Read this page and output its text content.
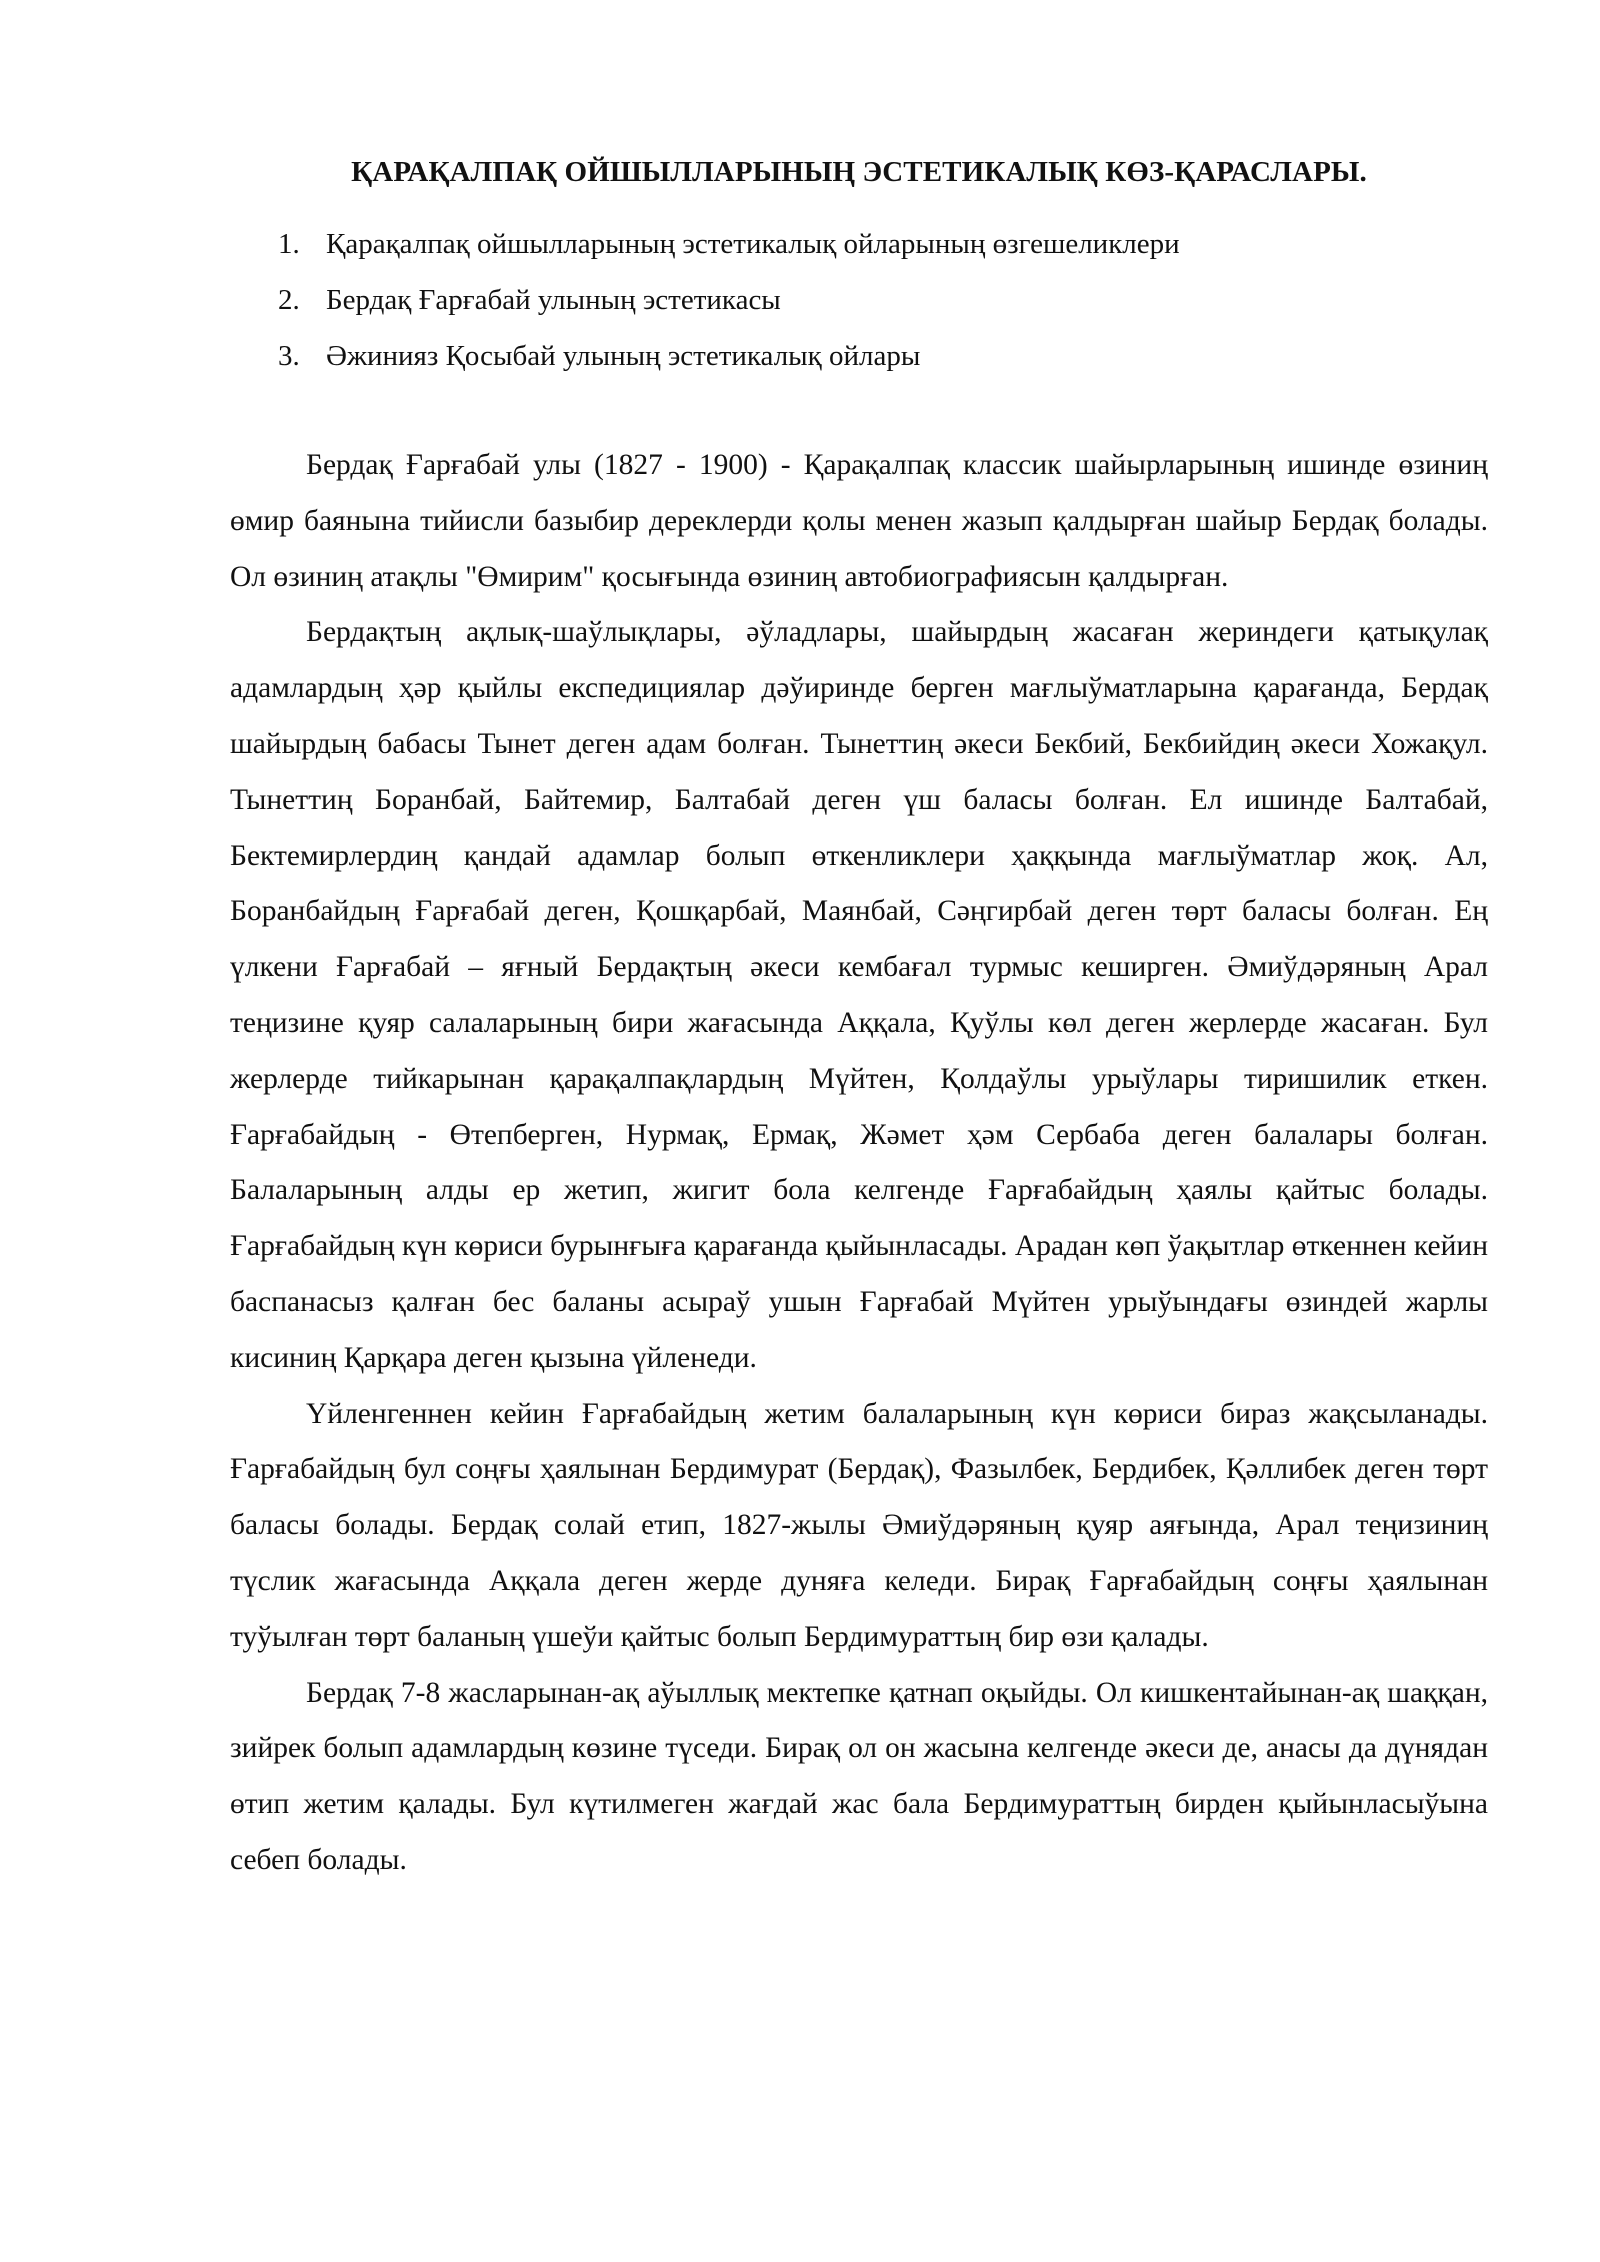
ҚАРАҚАЛПАҚ ОЙШЫЛЛАРЫНЫҢ ЭСТЕТИКАЛЫҚ КӨЗ-ҚАРАСЛАРЫ.
1. Қарақалпақ ойшылларының эстетикалық ойларының өзгешеликлери
2. Бердақ Ғарғабай улының эстетикасы
3. Әжинияз Қосыбай улының эстетикалық ойлары

Бердақ Ғарғабай улы (1827 - 1900) - Қарақалпақ классик шайырларының ишинде өзиниң өмир баянына тийисли базыбир дереклерди қолы менен жазып қалдырған шайыр Бердақ болады. Ол өзиниң атақлы "Өмирим" қосығында өзиниң автобиографиясын қалдырған.

Бердақтың ақлық-шаўлықлары, әўладлары, шайырдың жасаған жериндеги қатықулақ адамлардың ҳәр қыйлы експедициялар дәўиринде берген мағлыўматларына қарағанда, Бердақ шайырдың бабасы Тынет деген адам болған. Тынеттиң әкеси Бекбий, Бекбийдиң әкеси Хожақул. Тынеттиң Боранбай, Байтемир, Балтабай деген үш баласы болған. Ел ишинде Балтабай, Бектемирлердиң қандай адамлар болып өткенликлери ҳаққында мағлыўматлар жоқ. Ал, Боранбайдың Ғарғабай деген, Қошқарбай, Маянбай, Сәңгирбай деген төрт баласы болған. Ең үлкени Ғарғабай – яғный Бердақтың әкеси кембағал турмыс кеширген. Әмиўдәряның Арал теңизине қуяр салаларының бири жағасында Аққала, Қуўлы көл деген жерлерде жасаған. Бул жерлерде тийкарынан қарақалпақлардың Мүйтен, Қолдаўлы урыўлары тиришилик еткен. Ғарғабайдың - Өтепберген, Нурмақ, Ермақ, Жәмет ҳәм Сербаба деген балалары болған. Балаларының алды ер жетип, жигит бола келгенде Ғарғабайдың ҳаялы қайтыс болады. Ғарғабайдың күн көриси бурынғыға қарағанда қыйынласады. Арадан көп ўақытлар өткеннен кейин баспанасыз қалған бес баланы асыраў ушын Ғарғабай Мүйтен урыўындағы өзиндей жарлы кисиниң Қарқара деген қызына үйленеди.

Үйленгеннен кейин Ғарғабайдың жетим балаларының күн көриси бираз жақсыланады. Ғарғабайдың бул соңғы ҳаялынан Бердимурат (Бердақ), Фазылбек, Бердибек, Қәллибек деген төрт баласы болады. Бердақ солай етип, 1827-жылы Әмиўдәряның қуяр аяғында, Арал теңизиниң түслик жағасында Аққала деген жерде дуняға келеди. Бирақ Ғарғабайдың соңғы ҳаялынан туўылған төрт баланың үшеўи қайтыс болып Бердимураттың бир өзи қалады.

Бердақ 7-8 жасларынан-ақ аўыллық мектепке қатнап оқыйды. Ол кишкентайынан-ақ шаққан, зийрек болып адамлардың көзине түседи. Бирақ ол он жасына келгенде әкеси де, анасы да дүнядан өтип жетим қалады. Бул күтилмеген жағдай жас бала Бердимураттың бирден қыйынласыўына себеп болады.
